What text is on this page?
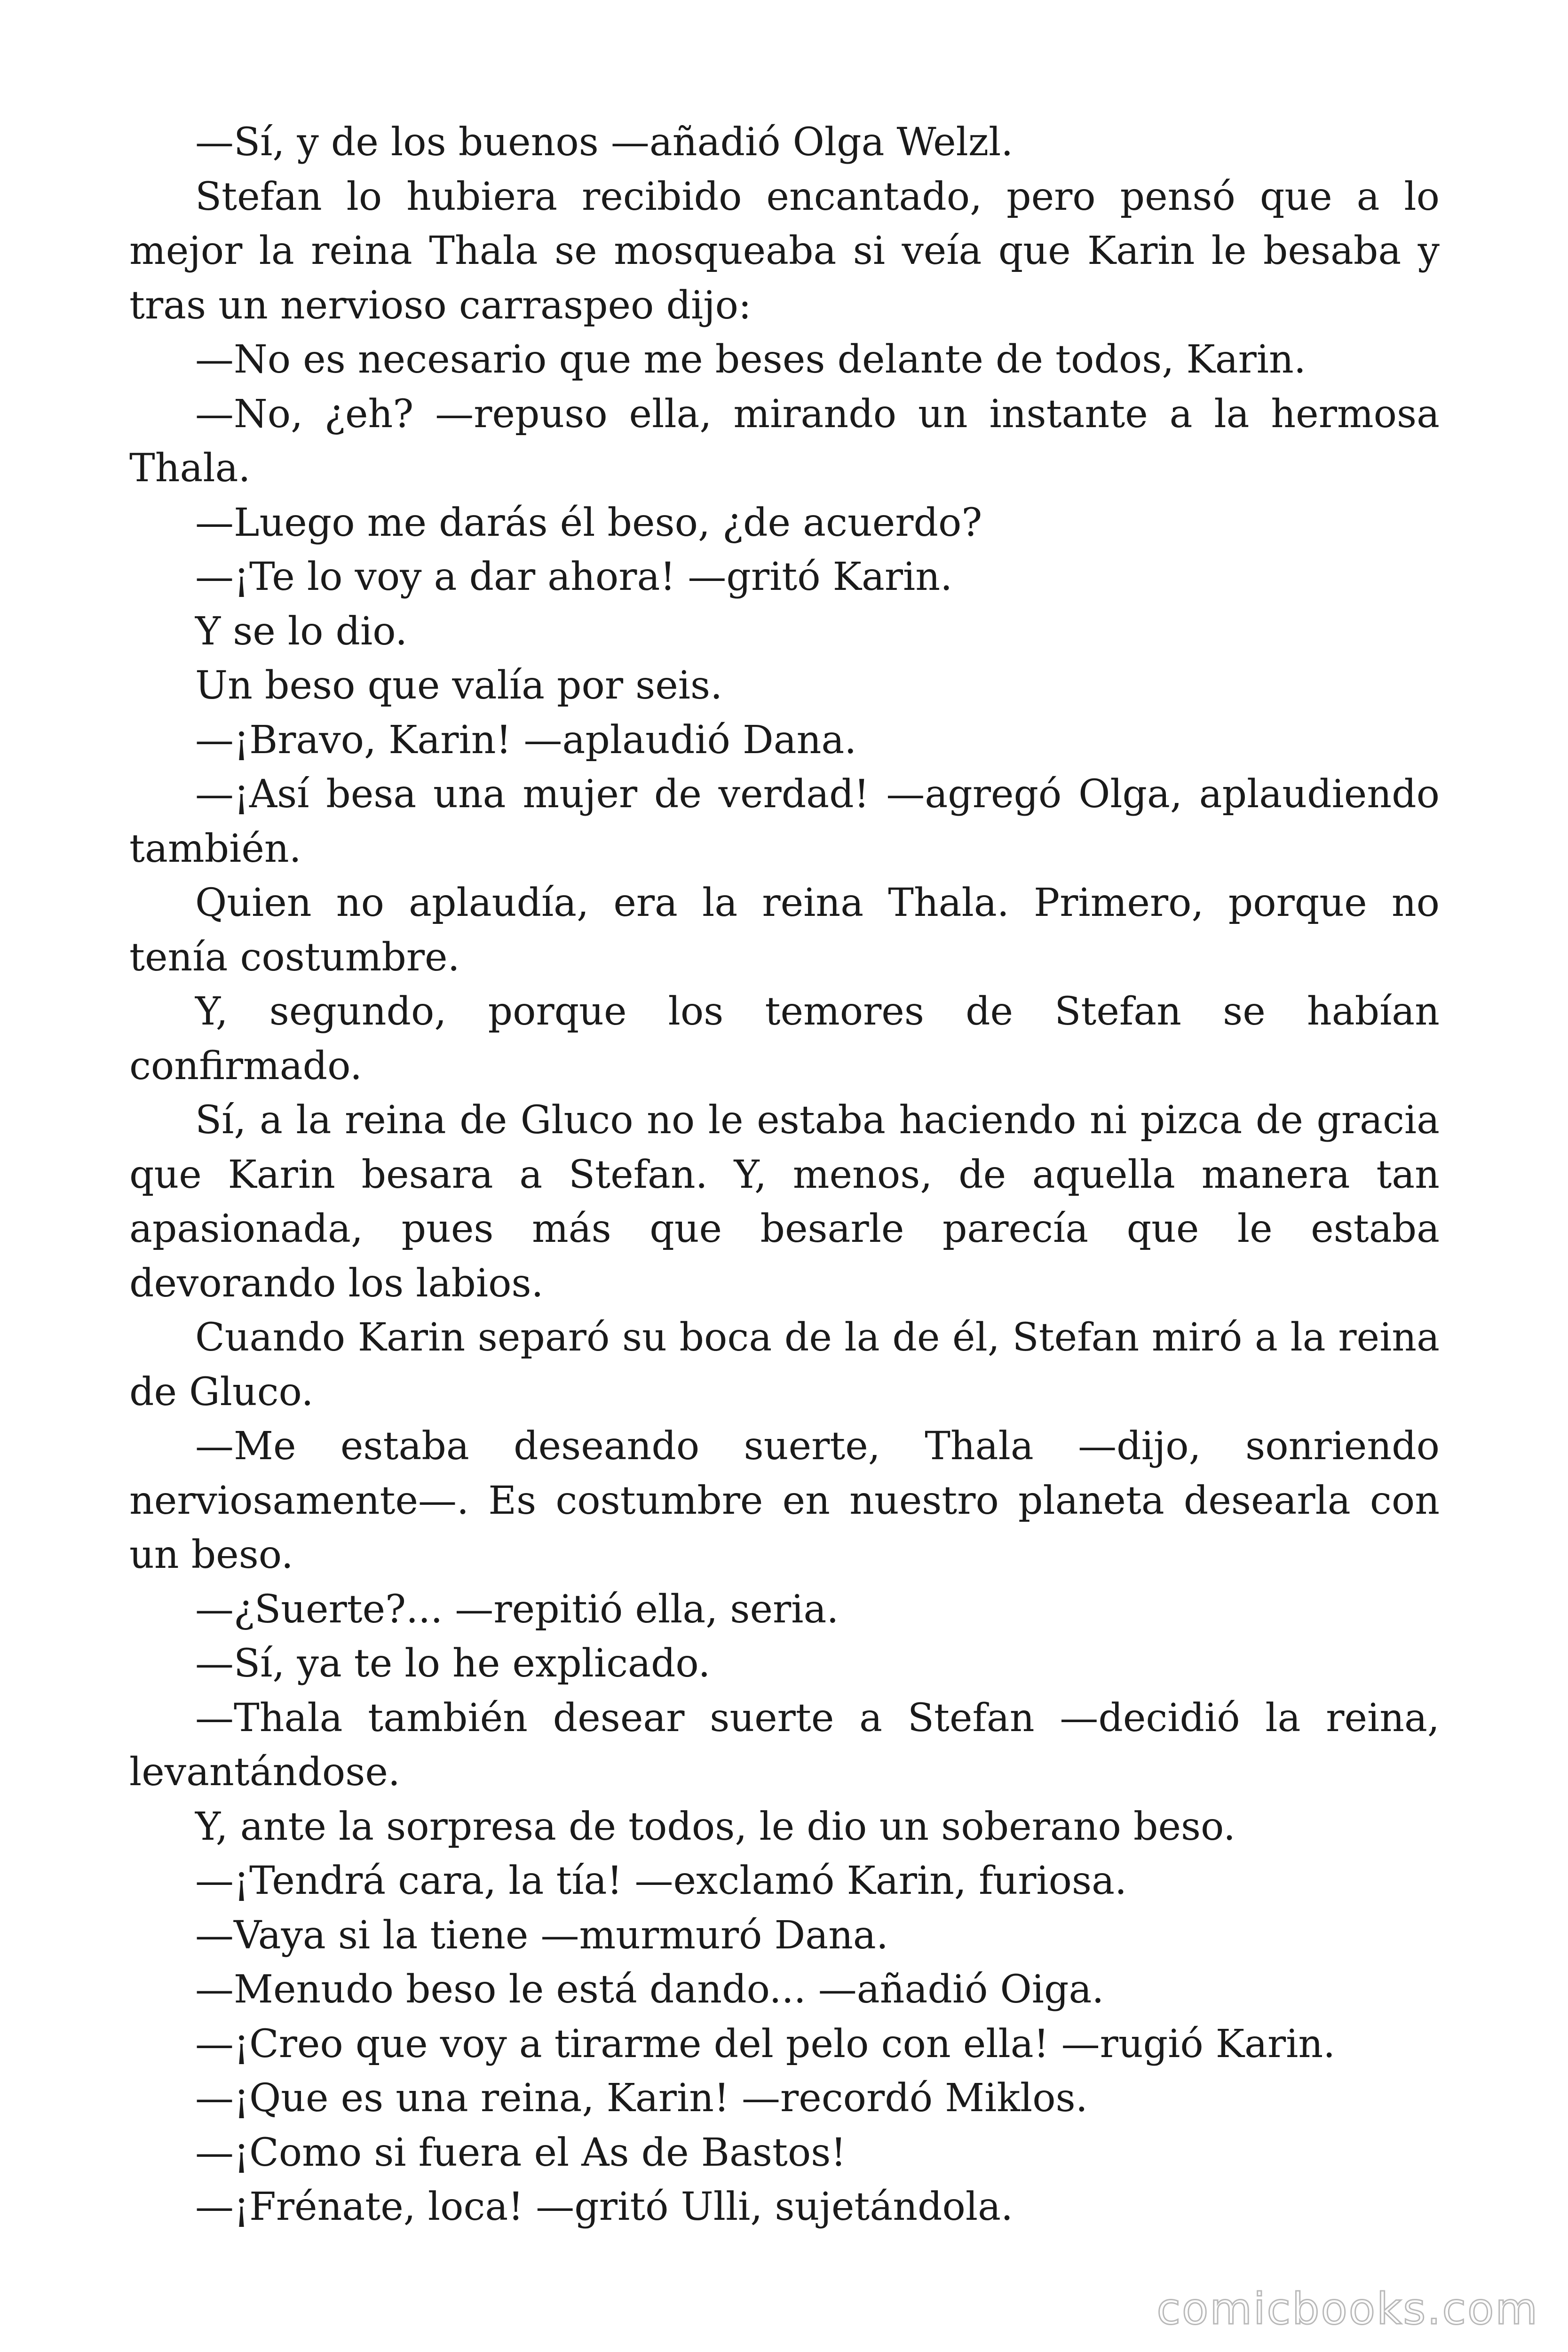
—Sí, y de los buenos —añadió Olga Welzl.

Stefan lo hubiera recibido encantado, pero pensó que a lo mejor la reina Thala se mosqueaba si veía que Karin le besaba y tras un nervioso carraspeo dijo:

—No es necesario que me beses delante de todos, Karin.

—No, ¿eh? —repuso ella, mirando un instante a la hermosa Thala.

—Luego me darás él beso, ¿de acuerdo?

—¡Te lo voy a dar ahora! —gritó Karin.

Y se lo dio.

Un beso que valía por seis.

—¡Bravo, Karin! —aplaudió Dana.

—¡Así besa una mujer de verdad! —agregó Olga, aplaudiendo también.

Quien no aplaudía, era la reina Thala. Primero, porque no tenía costumbre.

Y, segundo, porque los temores de Stefan se habían confirmado.

Sí, a la reina de Gluco no le estaba haciendo ni pizca de gracia que Karin besara a Stefan. Y, menos, de aquella manera tan apasionada, pues más que besarle parecía que le estaba devorando los labios.

Cuando Karin separó su boca de la de él, Stefan miró a la reina de Gluco.

—Me estaba deseando suerte, Thala —dijo, sonriendo nerviosamente—. Es costumbre en nuestro planeta desearla con un beso.

—¿Suerte?... —repitió ella, seria.

—Sí, ya te lo he explicado.

—Thala también desear suerte a Stefan —decidió la reina, levantándose.

Y, ante la sorpresa de todos, le dio un soberano beso.

—¡Tendrá cara, la tía! —exclamó Karin, furiosa.

—Vaya si la tiene —murmuró Dana.

—Menudo beso le está dando... —añadió Oiga.

—¡Creo que voy a tirarme del pelo con ella! —rugió Karin.

—¡Que es una reina, Karin! —recordó Miklos.

—¡Como si fuera el As de Bastos!

—¡Frénate, loca! —gritó Ulli, sujetándola.

comicbooks.com
